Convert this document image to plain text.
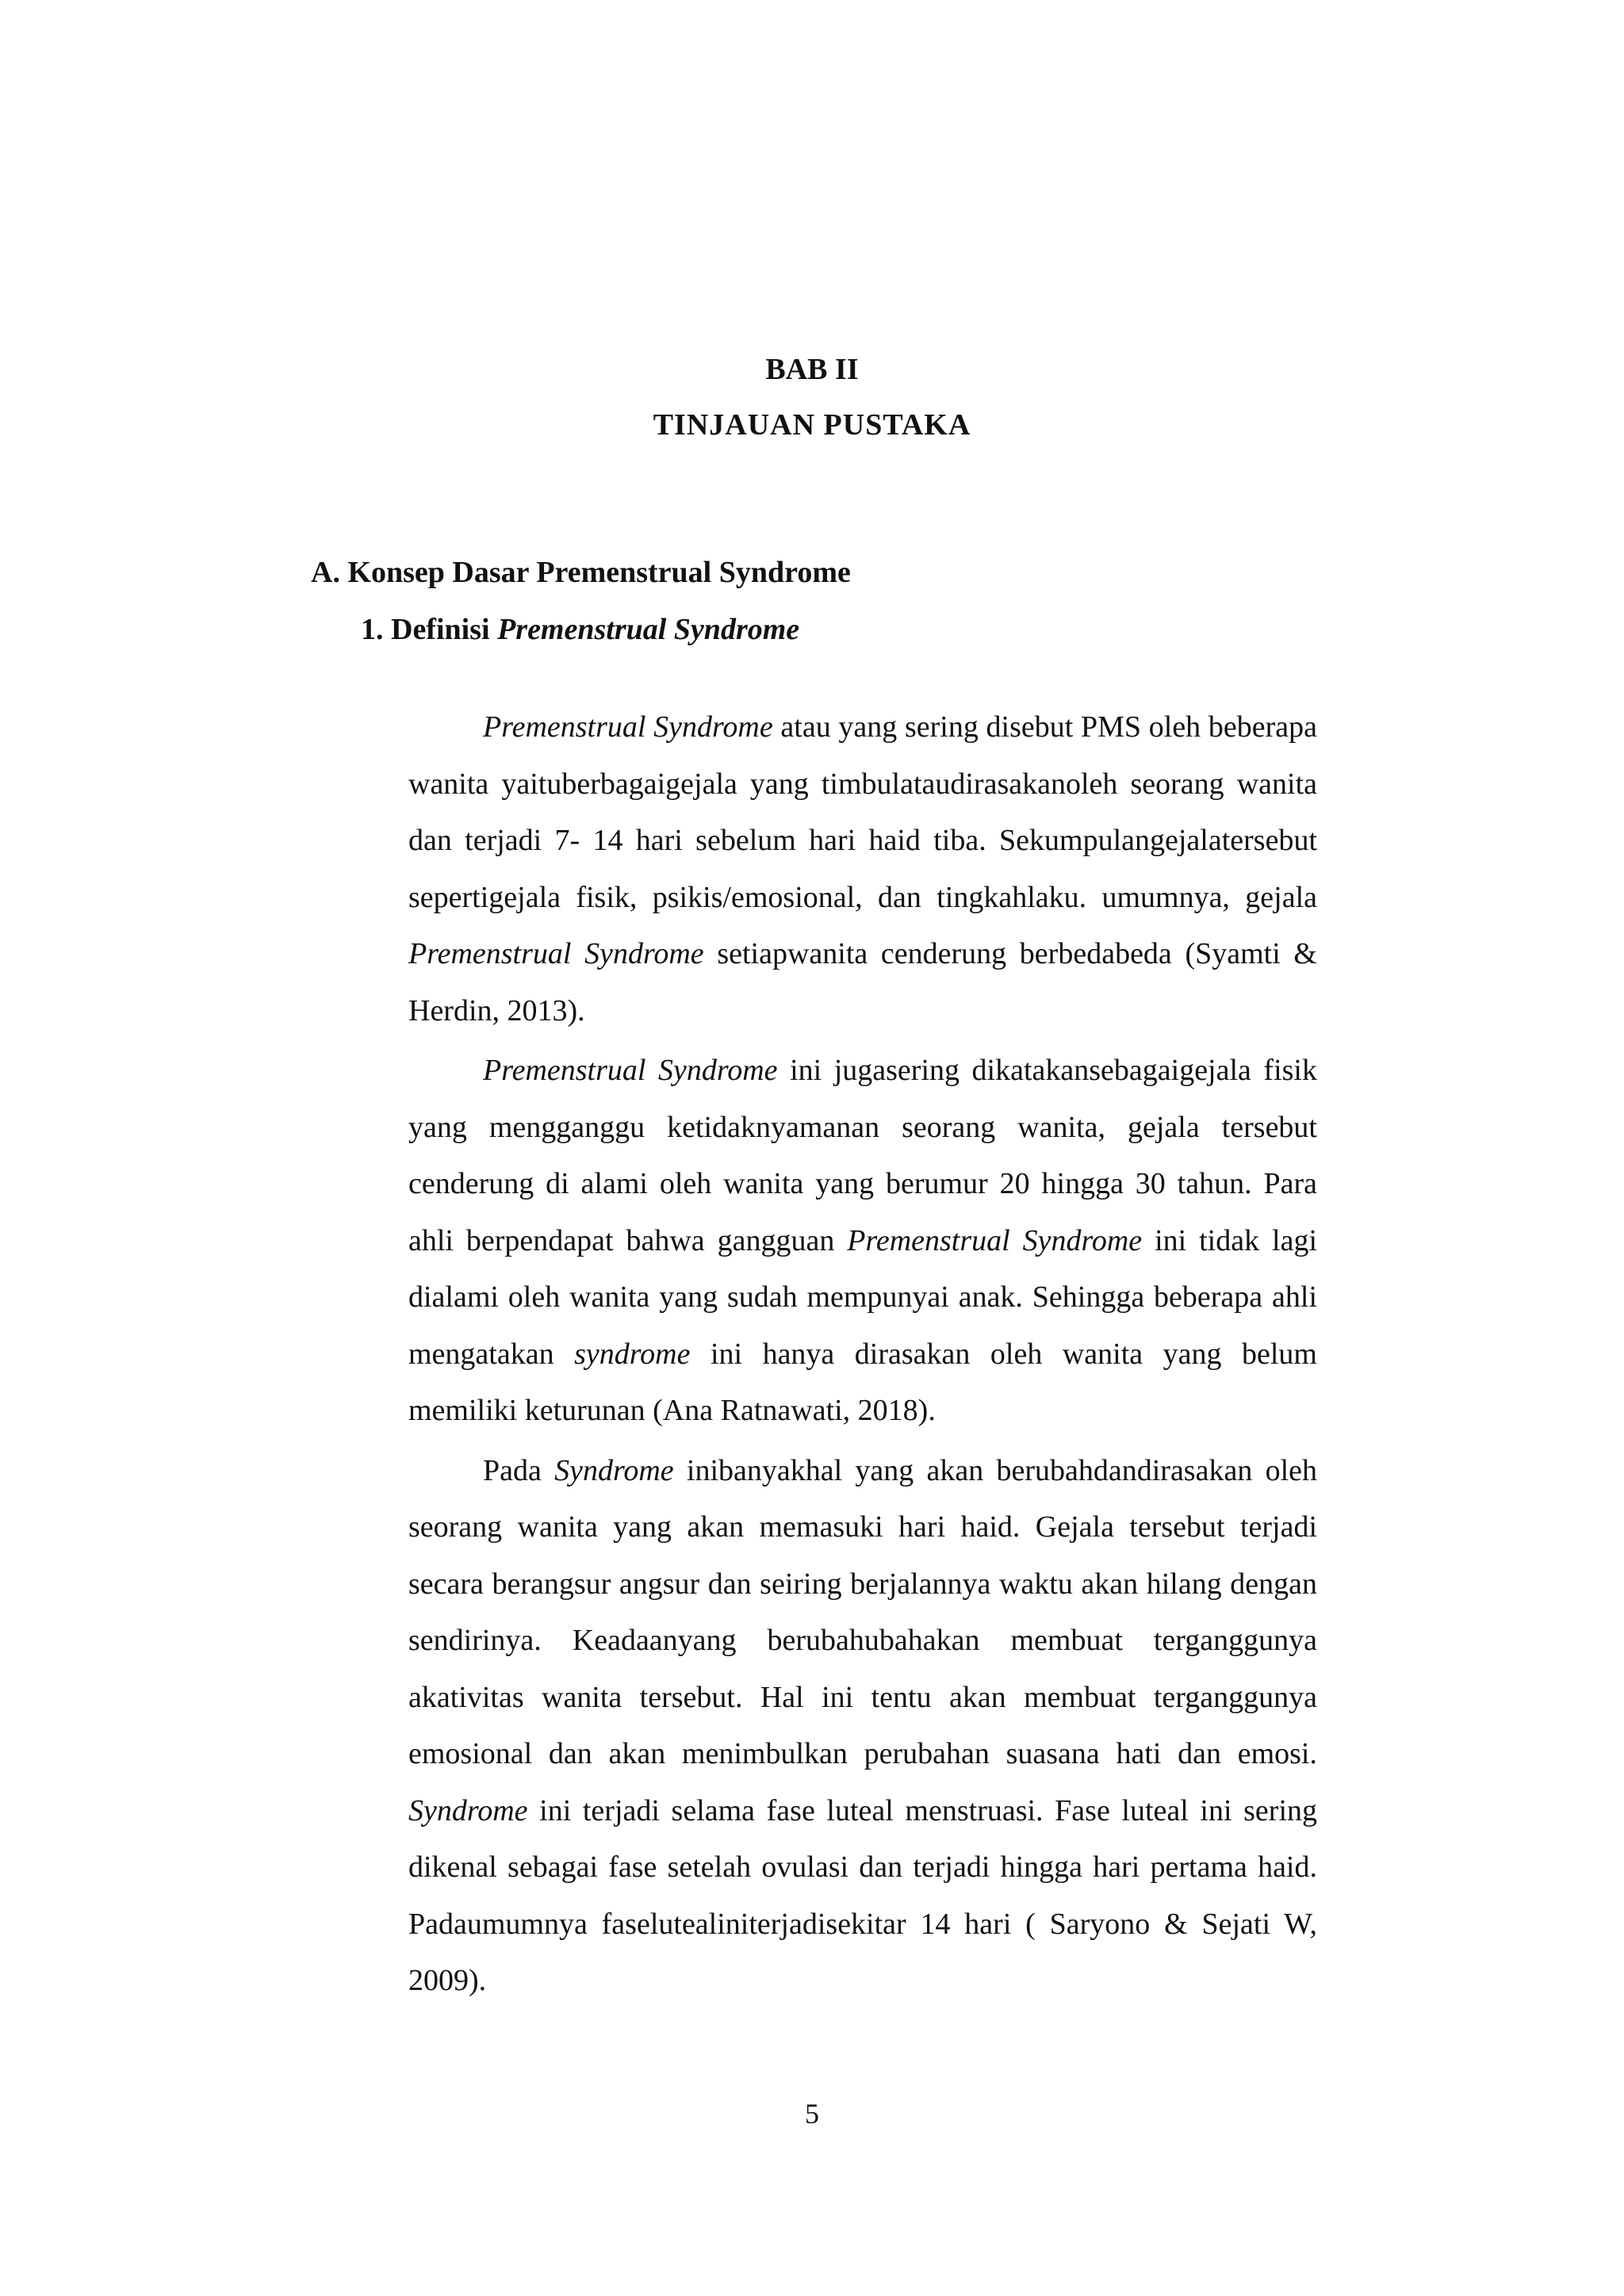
BAB II
TINJAUAN PUSTAKA
A. Konsep Dasar Premenstrual Syndrome
1. Definisi Premenstrual Syndrome

Premenstrual Syndrome atau yang sering disebut PMS oleh beberapa wanita yaituberbagaigejala yang timbulataudirasakanoleh seorang wanita dan terjadi 7- 14 hari sebelum hari haid tiba. Sekumpulangejalatersebut sepertigejala fisik, psikis/emosional, dan tingkahlaku. umumnya, gejala Premenstrual Syndrome setiapwanita cenderung berbedabeda (Syamti & Herdin, 2013).

Premenstrual Syndrome ini jugasering dikatakansebagaigejala fisik yang mengganggu ketidaknyamanan seorang wanita, gejala tersebut cenderung di alami oleh wanita yang berumur 20 hingga 30 tahun. Para ahli berpendapat bahwa gangguan Premenstrual Syndrome ini tidak lagi dialami oleh wanita yang sudah mempunyai anak. Sehingga beberapa ahli mengatakan syndrome ini hanya dirasakan oleh wanita yang belum memiliki keturunan (Ana Ratnawati, 2018).

Pada Syndrome inibanyakhal yang akan berubahdandirasakan oleh seorang wanita yang akan memasuki hari haid. Gejala tersebut terjadi secara berangsur angsur dan seiring berjalannya waktu akan hilang dengan sendirinya. Keadaanyang berubahubahakan membuat terganggunya akativitas wanita tersebut. Hal ini tentu akan membuat terganggunya emosional dan akan menimbulkan perubahan suasana hati dan emosi. Syndrome ini terjadi selama fase luteal menstruasi. Fase luteal ini sering dikenal sebagai fase setelah ovulasi dan terjadi hingga hari pertama haid. Padaumumnya faselutealiniterjadisekitar 14 hari ( Saryono & Sejati W, 2009).

5
